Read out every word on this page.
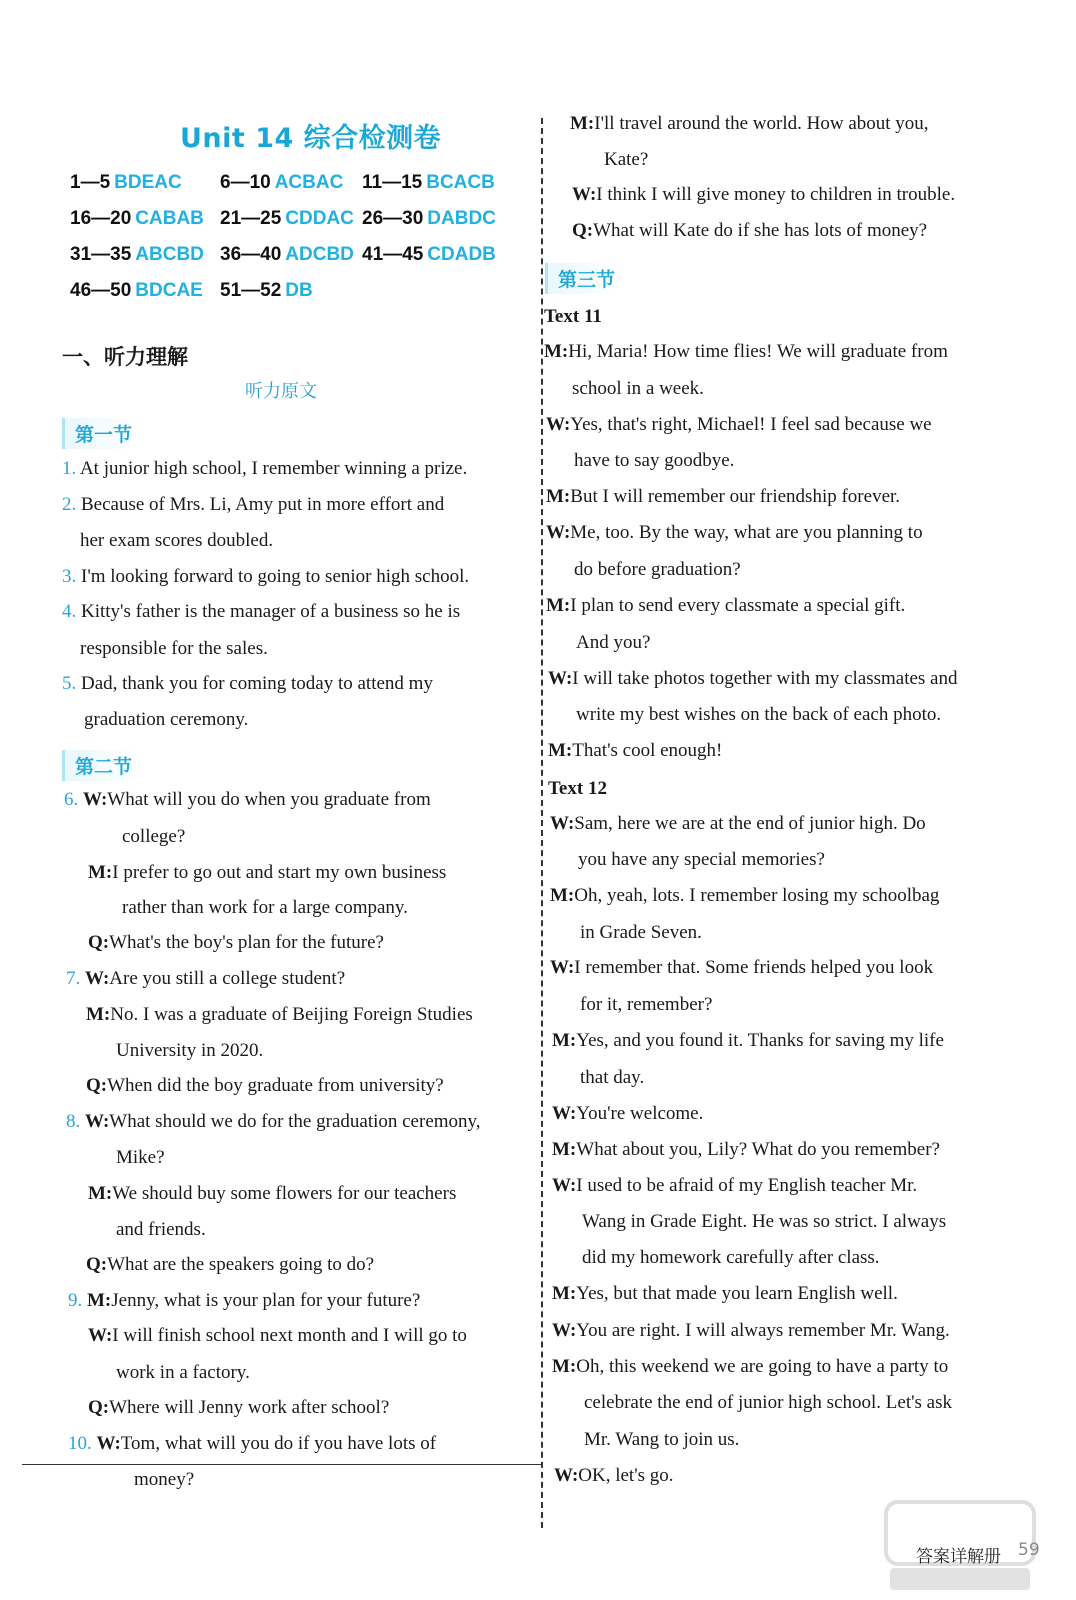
Unit 14 综合检测卷
1—5 BDEAC 6—10 ACBAC 11—15 BCACB
16—20 CABAB 21—25 CDDAC 26—30 DABDC
31—35 ABCBD 36—40 ADCBD 41—45 CDADB
46—50 BDCAE 51—52 DB
一、听力理解
听力原文
第一节
第二节
第三节
1. At junior high school, I remember winning a prize.
2. Because of Mrs. Li, Amy put in more effort and
her exam scores doubled.
3. I'm looking forward to going to senior high school.
4. Kitty's father is the manager of a business so he is
responsible for the sales.
5. Dad, thank you for coming today to attend my
graduation ceremony.
6. W:What will you do when you graduate from
college?
M:I prefer to go out and start my own business
rather than work for a large company.
Q:What's the boy's plan for the future?
7. W:Are you still a college student?
M:No. I was a graduate of Beijing Foreign Studies
University in 2020.
Q:When did the boy graduate from university?
8. W:What should we do for the graduation ceremony,
Mike?
M:We should buy some flowers for our teachers
and friends.
Q:What are the speakers going to do?
9. M:Jenny, what is your plan for your future?
W:I will finish school next month and I will go to
work in a factory.
Q:Where will Jenny work after school?
10. W:Tom, what will you do if you have lots of
money?
M:I'll travel around the world. How about you,
Kate?
W:I think I will give money to children in trouble.
Q:What will Kate do if she has lots of money?
Text 11
M:Hi, Maria! How time flies! We will graduate from
school in a week.
W:Yes, that's right, Michael! I feel sad because we
have to say goodbye.
M:But I will remember our friendship forever.
W:Me, too. By the way, what are you planning to
do before graduation?
M:I plan to send every classmate a special gift.
And you?
W:I will take photos together with my classmates and
write my best wishes on the back of each photo.
M:That's cool enough!
Text 12
W:Sam, here we are at the end of junior high. Do
you have any special memories?
M:Oh, yeah, lots. I remember losing my schoolbag
in Grade Seven.
W:I remember that. Some friends helped you look
for it, remember?
M:Yes, and you found it. Thanks for saving my life
that day.
W:You're welcome.
M:What about you, Lily? What do you remember?
W:I used to be afraid of my English teacher Mr.
Wang in Grade Eight. He was so strict. I always
did my homework carefully after class.
M:Yes, but that made you learn English well.
W:You are right. I will always remember Mr. Wang.
M:Oh, this weekend we are going to have a party to
celebrate the end of junior high school. Let's ask
Mr. Wang to join us.
W:OK, let's go.
答案详解册 59
